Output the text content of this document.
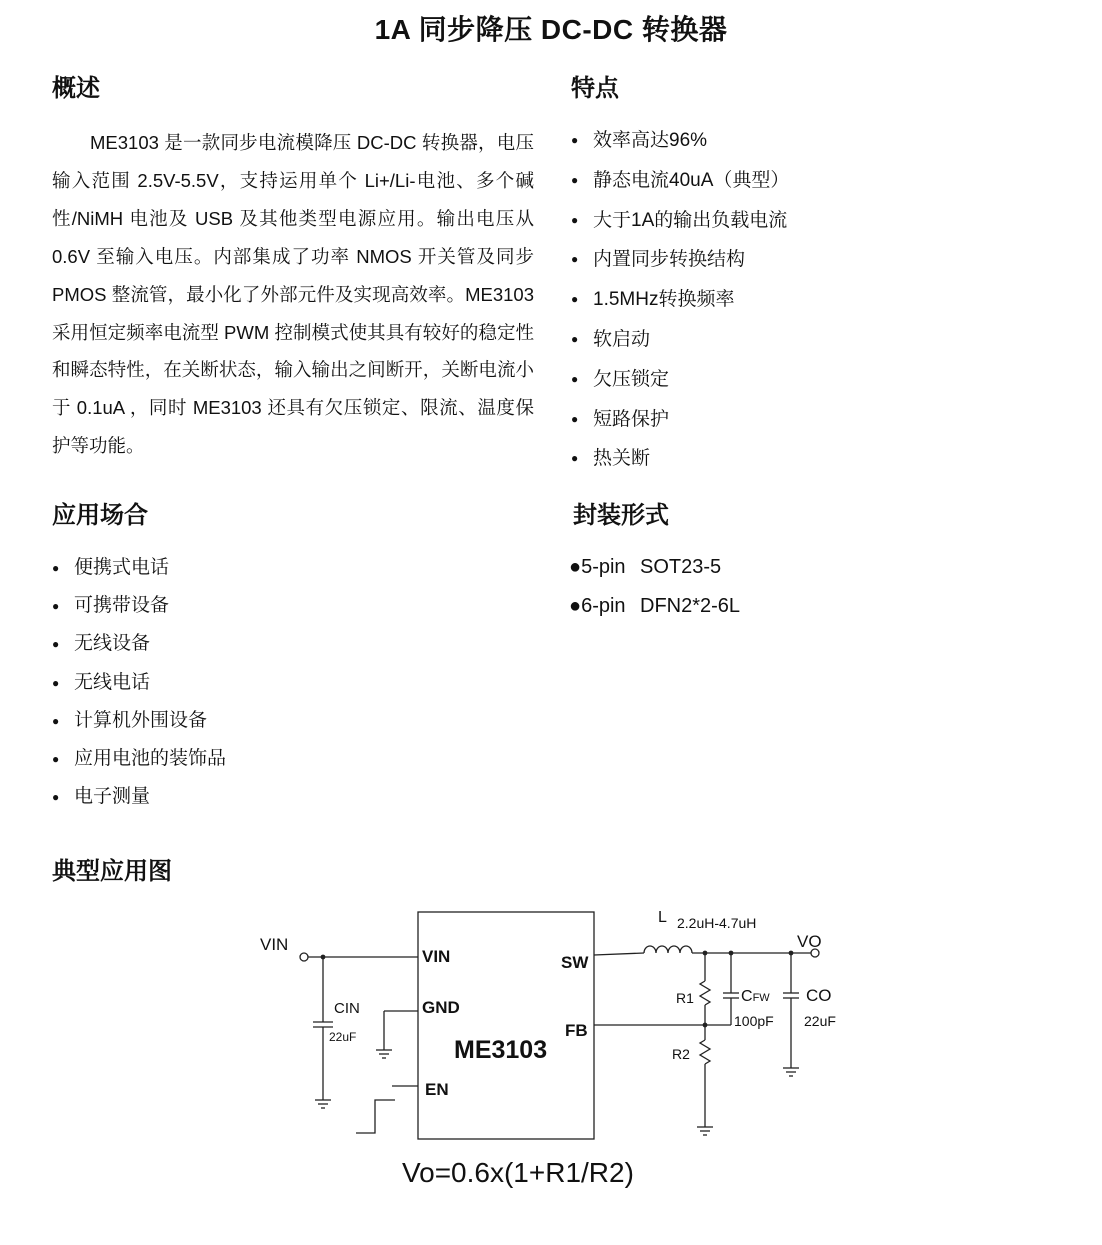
1A 同步降压 DC-DC 转换器
概述
ME3103 是一款同步电流模降压 DC-DC 转换器，电压输入范围 2.5V-5.5V，支持运用单个 Li+/Li-电池、多个碱性/NiMH 电池及 USB 及其他类型电源应用。输出电压从 0.6V 至输入电压。内部集成了功率 NMOS 开关管及同步 PMOS 整流管，最小化了外部元件及实现高效率。ME3103 采用恒定频率电流型 PWM 控制模式使其具有较好的稳定性和瞬态特性，在关断状态，输入输出之间断开，关断电流小于 0.1uA ，同时 ME3103 还具有欠压锁定、限流、温度保护等功能。
特点
● 效率高达96%
● 静态电流40uA（典型）
● 大于1A的输出负载电流
● 内置同步转换结构
● 1.5MHz转换频率
● 软启动
● 欠压锁定
● 短路保护
● 热关断
应用场合
● 便携式电话
● 可携带设备
● 无线设备
● 无线电话
● 计算机外围设备
● 应用电池的装饰品
● 电子测量
封装形式
●5-pin SOT23-5
●6-pin DFN2*2-6L
典型应用图
ME3103
VIN
GND
EN
SW
FB
VIN
CIN
22uF
L 2.2uH-4.7uH
VO
R1
R2
CFW
100pF
CO
22uF
Vo=0.6x(1+R1/R2)
